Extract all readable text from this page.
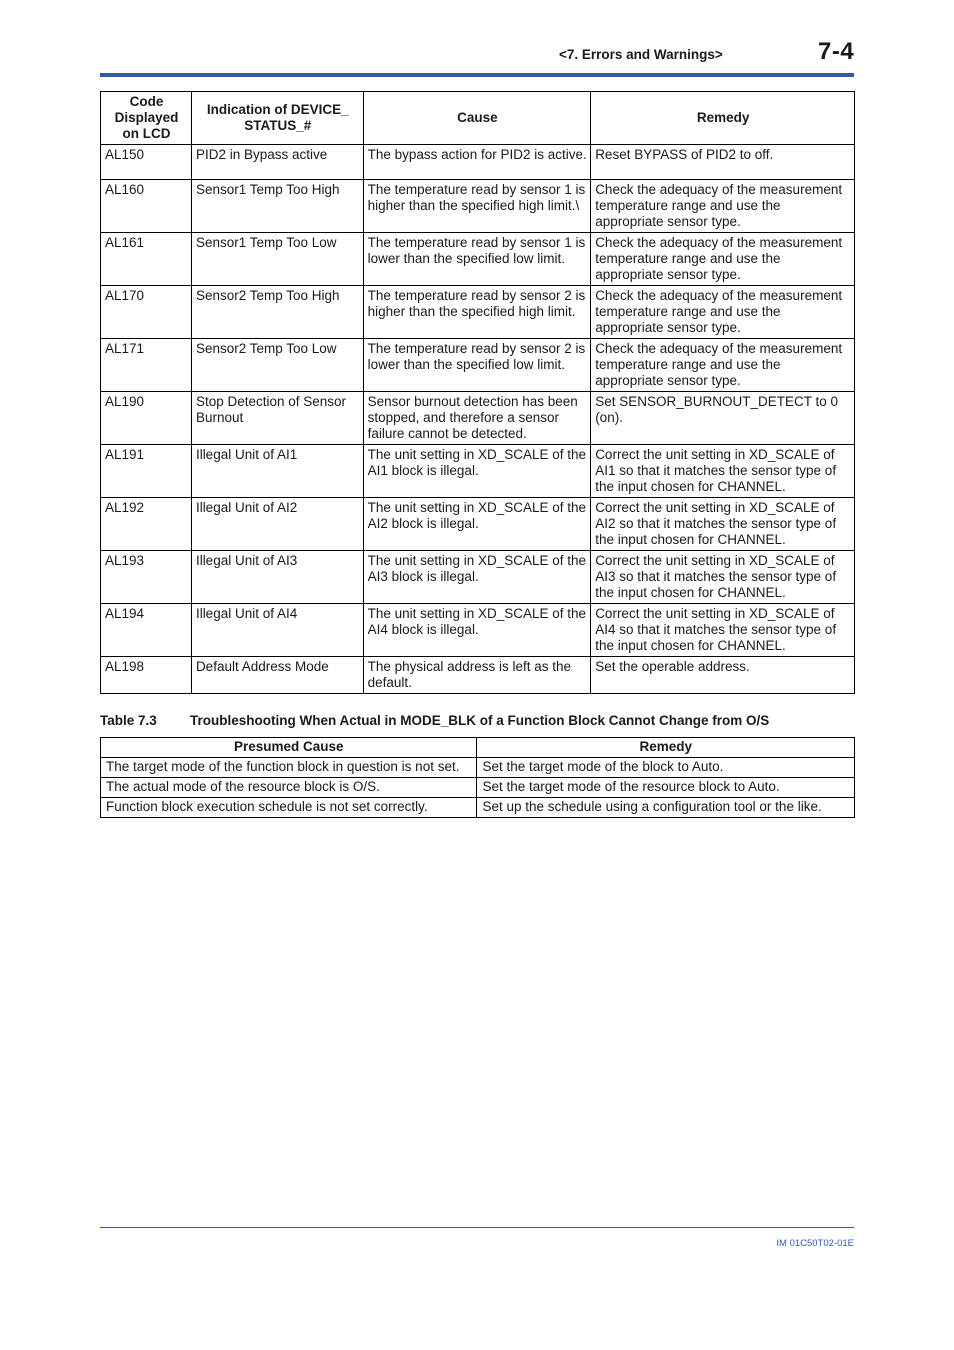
<7. Errors and Warnings>	7-4
Code Displayed on LCD	Indication of DEVICE_ STATUS_#	Cause	Remedy
AL150	PID2 in Bypass active	The bypass action for PID2 is active.	Reset BYPASS of PID2 to off.
AL160	Sensor1 Temp Too High	The temperature read by sensor 1 is higher than the specified high limit.\	Check the adequacy of the measurement temperature range and use the appropriate sensor type.
AL161	Sensor1 Temp Too Low	The temperature read by sensor 1 is lower than the specified low limit.	Check the adequacy of the measurement temperature range and use the appropriate sensor type.
AL170	Sensor2 Temp Too High	The temperature read by sensor 2 is higher than the specified high limit.	Check the adequacy of the measurement temperature range and use the appropriate sensor type.
AL171	Sensor2 Temp Too Low	The temperature read by sensor 2 is lower than the specified low limit.	Check the adequacy of the measurement temperature range and use the appropriate sensor type.
AL190	Stop Detection of Sensor Burnout	Sensor burnout detection has been stopped, and therefore a sensor failure cannot be detected.	Set SENSOR_BURNOUT_DETECT to 0 (on).
AL191	Illegal Unit of AI1	The unit setting in XD_SCALE of the AI1 block is illegal.	Correct the unit setting in XD_SCALE of AI1 so that it matches the sensor type of the input chosen for CHANNEL.
AL192	Illegal Unit of AI2	The unit setting in XD_SCALE of the AI2 block is illegal.	Correct the unit setting in XD_SCALE of AI2 so that it matches the sensor type of the input chosen for CHANNEL.
AL193	Illegal Unit of AI3	The unit setting in XD_SCALE of the AI3 block is illegal.	Correct the unit setting in XD_SCALE of AI3 so that it matches the sensor type of the input chosen for CHANNEL.
AL194	Illegal Unit of AI4	The unit setting in XD_SCALE of the AI4 block is illegal.	Correct the unit setting in XD_SCALE of AI4 so that it matches the sensor type of the input chosen for CHANNEL.
AL198	Default Address Mode	The physical address is left as the default.	Set the operable address.
Table 7.3 Troubleshooting When Actual in MODE_BLK of a Function Block Cannot Change from O/S
Presumed Cause	Remedy
The target mode of the function block in question is not set.	Set the target mode of the block to Auto.
The actual mode of the resource block is O/S.	Set the target mode of the resource block to Auto.
Function block execution schedule is not set correctly.	Set up the schedule using a configuration tool or the like.
IM 01C50T02-01E
